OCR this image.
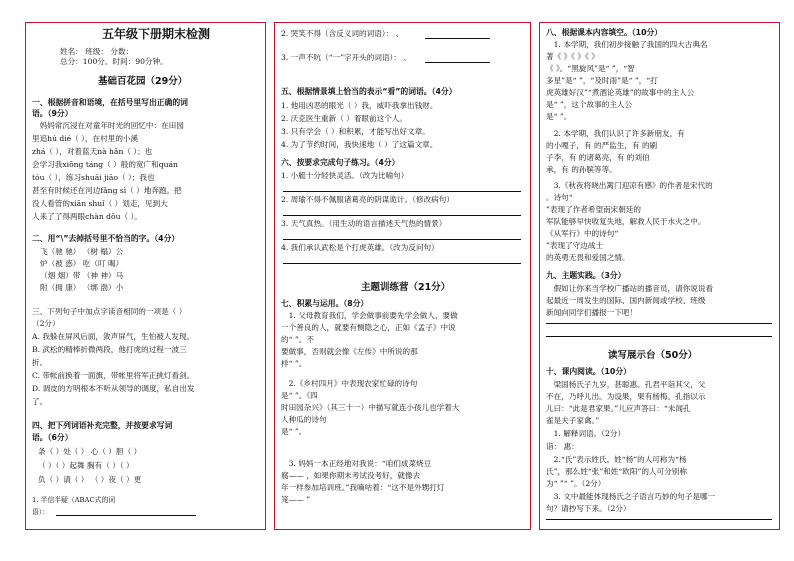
五年级下册期末检测
姓名： 班级： 分数：
总分：100分。时间：90分钟。
基础百花园（29分）
一、根据拼音和语境，在括号里写出正确的词
语。（9分）
　妈妈常沉浸在对童年时光的回忆中：在田园
里追hú dié（ ），在村里的小溪
zhá（ ），对着蓝天nà hǎn（ ）；也
会学习我xiōng táng（ ）般的宽广和quán
tóu（ ），练习shuāi jiāo（ ）；我也
甚至有时候还在河边fǎng sì（ ）地奔跑。把
没人看管的xiān shuǐ（ ）划走，见到大
人来了了得两眼chàn dǒu（ ）。
二、用“\”去掉括号里不恰当的字。（4分）
飞（驰 驰） （树 榻）公
炉（被 惑） 吃（叮 喝）
（烟 烟）带 （神 神）马
附（拥 康） （绑 渤）小
三、下列句子中加点字读音相同的一项是（ ）
（2分）
A. 我躲在屏风后面，敛声屏气，生怕被人发现。
B. 武松的精棒折微两段，他打虎的过程一波三
折。
C. 带帐前换着一面旗，带帐里将军正挑灯看剑。
D. 调皮的方明根本不听从领导的调度，私自出发
了。
四、把下列词语补充完整，并按要求写词
语。（6分）
条（ ）处（ ） 心（ ）胆（ ）
（ ）（ ）起舞 胸有（ ）（ ）
负（ ）请（ ） （ ）夜（ ）更
1. 半信半疑（ABAC式的词
语）：
2. 哭笑不得（含反义词的词语）： 、
3. 一声不吭（“一”字开头的词语）： 、
五、根据情景填上恰当的表示“看”的词语。（4分）
1. 他用凶恶的眼光（ ）我，威吓我拿出钱财。
2. 沃克医生重新（ ）着眼前这个人。
3. 只有学会（ ）和积累，才能写出好文章。
4. 为了节约时间，我快速地（ ）了这篇文章。
六、按要求完成句子练习。（4分）
1. 小艇十分轻快灵活。（改为比喻句）
2. 周瑜不得不佩服诸葛亮的阴谋诡计。（修改病句）
3. 天气真热。（用生动的语言描述天气热的情景）
4. 我们承认武松是个打虎英雄。（改为反问句）
主题训练营（21分）
七、积累与运用。（8分）
　1. 父母教育我们，学会做事前要先学会做人，要做
一个善良的人，就要有恻隐之心，正如《孟子》中说
的“ ”。不
要做事，否则就会像《左传》中所说的那
样“ ”。
　2.《乡村四月》中表现农家忙碌的诗句
是“ ”。《四
时田园杂兴》（其三十一）中描写就连小孩儿也学着大
人种瓜的诗句
是“ ”。
　3. 妈妈一本正经地对我说：“咱们成菜烧豆
腐—— ，如果你期末考试没考好，就像去
年一样参加培训班。”我嘀咕着：“这不是外甥打灯
笼—— ”
八、根据课本内容填空。（10分）
　1. 本学期，我们初步接触了我国的四大古典名
著《 》《 》《 》
《 》。“黑旋风”是“ ”，“智
多星”是“ ”，“及时雨”是“ ”，“打
虎英雄好汉”“煮酒论英雄”的故事中的主人公
是“ ”，这个故事的主人公
是“ ”。
　2. 本学期，我们认识了许多新朋友，有
的小嘎子，有 的严监生，有 的刷
子李，有 的诸葛亮，有 的刘伯
承，有 的孙膑等等。
　3.《秋夜将晓出篱门迎凉有感》的作者是宋代的
。诗句“
”表现了作者希望南宋朝廷的
军队能够早快收复失地，解救人民于水火之中。
《从军行》中的诗句“
”表现了守边战士
的英勇无畏和爱国之情。
九、主题实践。（3分）
　假如让你来当学校广播站的播音员，请你说说看
起最近一周发生的国际、国内新闻或学校、班级
新闻向同学们播报一下吧！
读写展示台（50分）
十、课内阅读。（10分）
　梁国杨氏子九岁，甚聪惠。孔君平诣其父，父
不在，乃呼儿出。为设果，果有杨梅。孔指以示
儿曰：“此是君家果。”儿应声答曰：“未闻孔
雀是夫子家禽。”
　1. 解释词语。（2分）
诣： 惠：
　2.“氏”表示姓氏。姓“杨”的人可称为“杨
氏”，那么姓“张”和姓“欧阳”的人可分别称
为“ ”“ ”。（2分）
　3. 文中最能体现杨氏之子语言巧妙的句子是哪一
句？请抄写下来。（2分）
